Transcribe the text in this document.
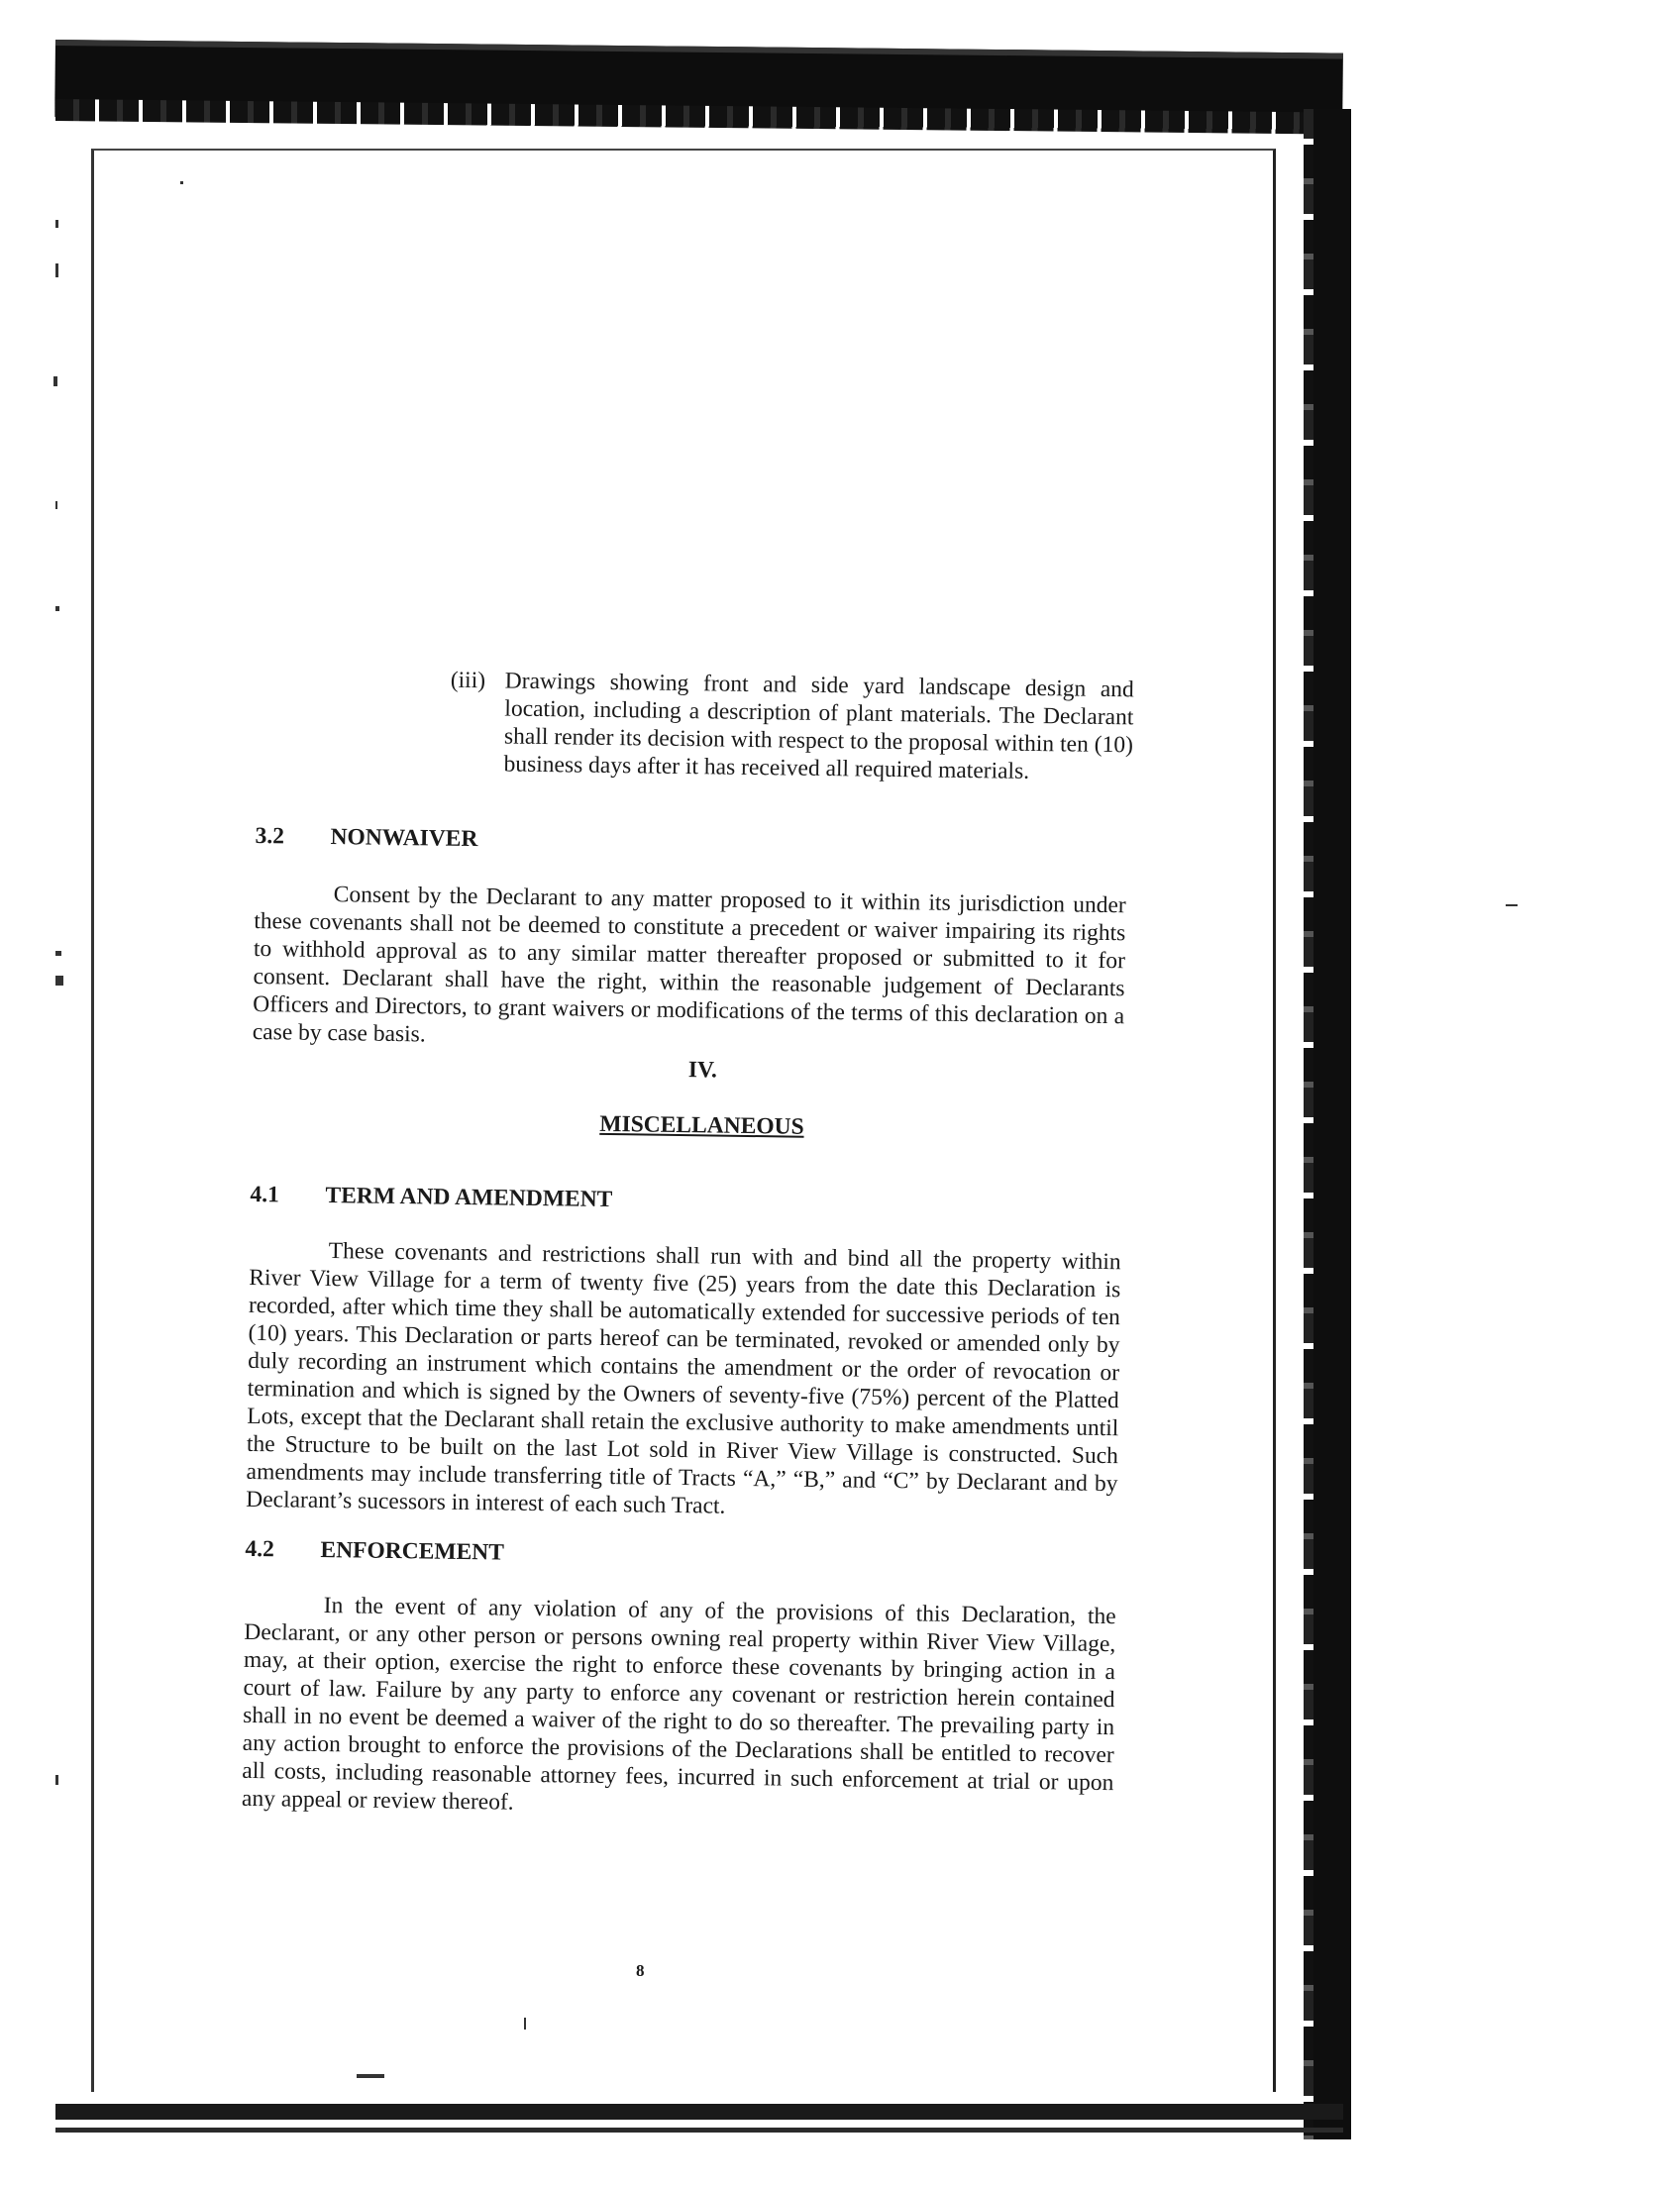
(iii) Drawings showing front and side yard landscape design and location, including a description of plant materials. The Declarant shall render its decision with respect to the proposal within ten (10) business days after it has received all required materials.
3.2	NONWAIVER

Consent by the Declarant to any matter proposed to it within its jurisdiction under these covenants shall not be deemed to constitute a precedent or waiver impairing its rights to withhold approval as to any similar matter thereafter proposed or submitted to it for consent. Declarant shall have the right, within the reasonable judgement of Declarants Officers and Directors, to grant waivers or modifications of the terms of this declaration on a case by case basis.

IV.
MISCELLANEOUS
4.1	TERM AND AMENDMENT

These covenants and restrictions shall run with and bind all the property within River View Village for a term of twenty five (25) years from the date this Declaration is recorded, after which time they shall be automatically extended for successive periods of ten (10) years. This Declaration or parts hereof can be terminated, revoked or amended only by duly recording an instrument which contains the amendment or the order of revocation or termination and which is signed by the Owners of seventy-five (75%) percent of the Platted Lots, except that the Declarant shall retain the exclusive authority to make amendments until the Structure to be built on the last Lot sold in River View Village is constructed. Such amendments may include transferring title of Tracts “A,” “B,” and “C” by Declarant and by Declarant’s sucessors in interest of each such Tract.

4.2	ENFORCEMENT

In the event of any violation of any of the provisions of this Declaration, the Declarant, or any other person or persons owning real property within River View Village, may, at their option, exercise the right to enforce these covenants by bringing action in a court of law. Failure by any party to enforce any covenant or restriction herein contained shall in no event be deemed a waiver of the right to do so thereafter. The prevailing party in any action brought to enforce the provisions of the Declarations shall be entitled to recover all costs, including reasonable attorney fees, incurred in such enforcement at trial or upon any appeal or review thereof.

8
